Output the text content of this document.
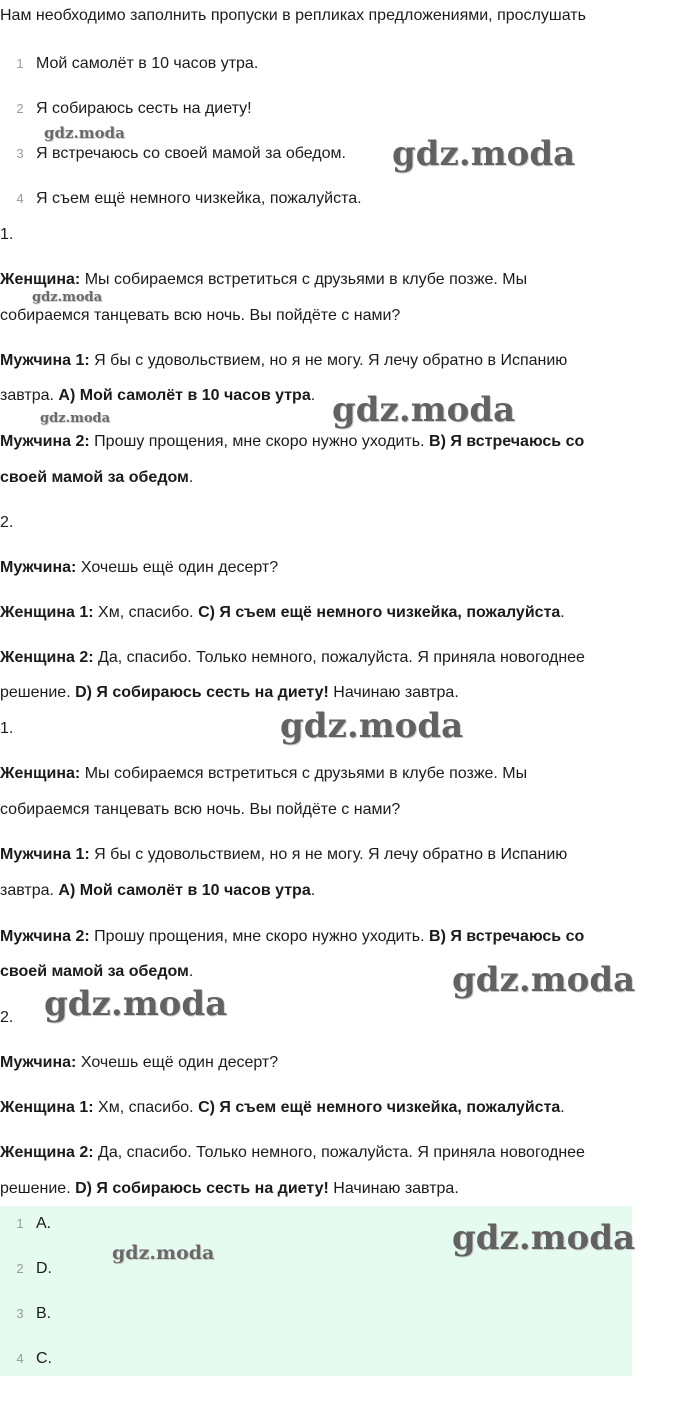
Нам необходимо заполнить пропуски в репликах предложениями, прослушать
1 Мой самолёт в 10 часов утра.
2 Я собираюсь сесть на диету!
3 Я встречаюсь со своей мамой за обедом.
4 Я съем ещё немного чизкейка, пожалуйста.
1.
Женщина: Мы собираемся встретиться с друзьями в клубе позже. Мы
собираемся танцевать всю ночь. Вы пойдёте с нами?
Мужчина 1: Я бы с удовольствием, но я не могу. Я лечу обратно в Испанию
завтра. A) Мой самолёт в 10 часов утра.
Мужчина 2: Прошу прощения, мне скоро нужно уходить. B) Я встречаюсь со
своей мамой за обедом.
2.
Мужчина: Хочешь ещё один десерт?
Женщина 1: Хм, спасибо. C) Я съем ещё немного чизкейка, пожалуйста.
Женщина 2: Да, спасибо. Только немного, пожалуйста. Я приняла новогоднее
решение. D) Я собираюсь сесть на диету! Начинаю завтра.
1.
Женщина: Мы собираемся встретиться с друзьями в клубе позже. Мы
собираемся танцевать всю ночь. Вы пойдёте с нами?
Мужчина 1: Я бы с удовольствием, но я не могу. Я лечу обратно в Испанию
завтра. A) Мой самолёт в 10 часов утра.
Мужчина 2: Прошу прощения, мне скоро нужно уходить. B) Я встречаюсь со
своей мамой за обедом.
2.
Мужчина: Хочешь ещё один десерт?
Женщина 1: Хм, спасибо. C) Я съем ещё немного чизкейка, пожалуйста.
Женщина 2: Да, спасибо. Только немного, пожалуйста. Я приняла новогоднее
решение. D) Я собираюсь сесть на диету! Начинаю завтра.
1 A.
2 D.
3 B.
4 C.
gdz.moda
gdz.moda
gdz.moda
gdz.moda
gdz.moda
gdz.moda
gdz.moda
gdz.moda
gdz.moda
gdz.moda
